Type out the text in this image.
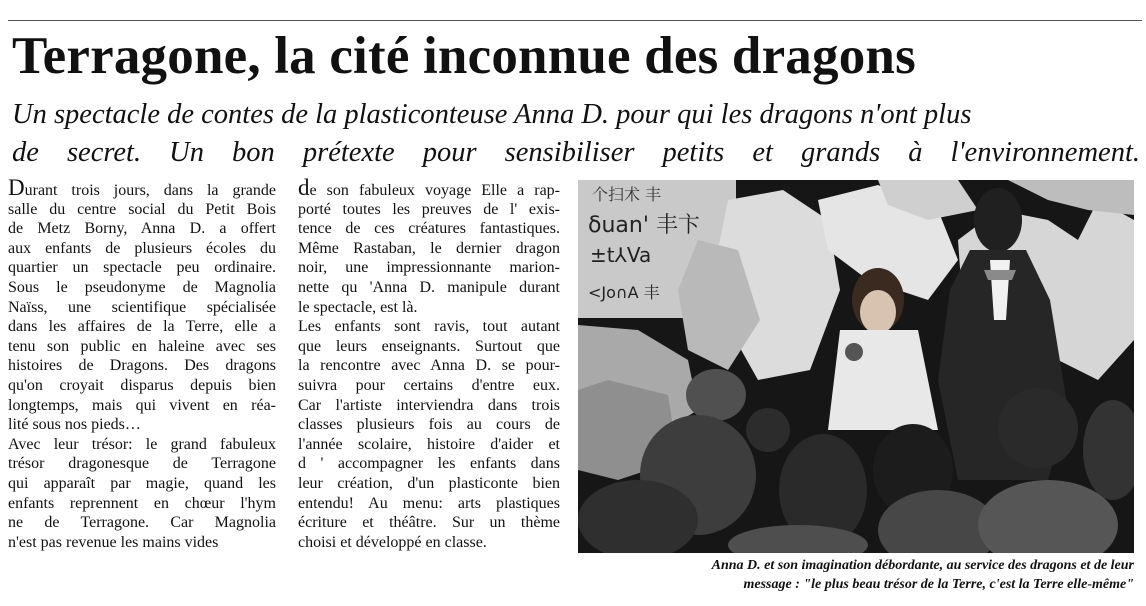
Terragone, la cité inconnue des dragons
Un spectacle de contes de la plasticonteuse Anna D. pour qui les dragons n'ont plus
de secret. Un bon prétexte pour sensibiliser petits et grands à l'environnement.
Durant trois jours, dans la grande
salle du centre social du Petit Bois
de Metz Borny, Anna D. a offert
aux enfants de plusieurs écoles du
quartier un spectacle peu ordinaire.
Sous le pseudonyme de Magnolia
Naïss, une scientifique spécialisée
dans les affaires de la Terre, elle a
tenu son public en haleine avec ses
histoires de Dragons. Des dragons
qu'on croyait disparus depuis bien
longtemps, mais qui vivent en réa-
lité sous nos pieds…
Avec leur trésor: le grand fabuleux
trésor dragonesque de Terragone
qui apparaît par magie, quand les
enfants reprennent en chœur l'hym
ne de Terragone. Car Magnolia
n'est pas revenue les mains vides
de son fabuleux voyage Elle a rap-
porté toutes les preuves de l' exis-
tence de ces créatures fantastiques.
Même Rastaban, le dernier dragon
noir, une impressionnante marion-
nette qu 'Anna D. manipule durant
le spectacle, est là.
Les enfants sont ravis, tout autant
que leurs enseignants. Surtout que
la rencontre avec Anna D. se pour-
suivra pour certains d'entre eux.
Car l'artiste interviendra dans trois
classes plusieurs fois au cours de
l'année scolaire, histoire d'aider et
d ' accompagner les enfants dans
leur création, d'un plasticonte bien
entendu! Au menu: arts plastiques
écriture et théâtre. Sur un thème
choisi et développé en classe.
个扫术 丰
δuan' 丰卞
±t⅄Va
<Jo∩A 丰
Anna D. et son imagination débordante, au service des dragons et de leur
message : "le plus beau trésor de la Terre, c'est la Terre elle-même"
